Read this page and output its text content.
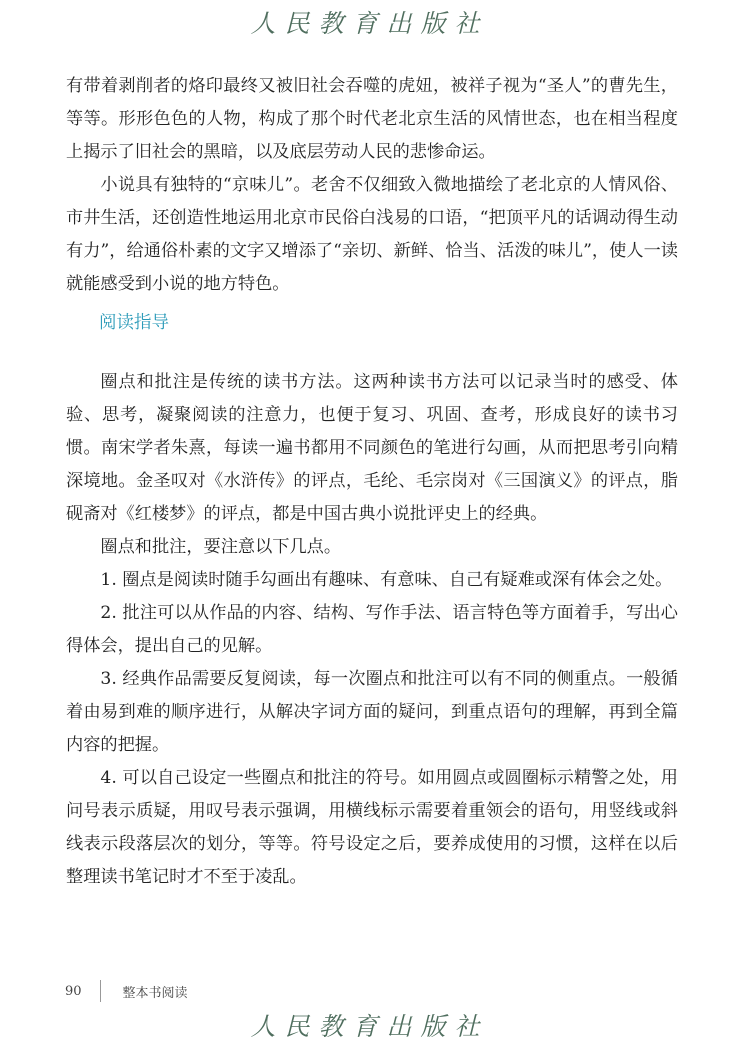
人民教育出版社

有带着剥削者的烙印最终又被旧社会吞噬的虎妞，被祥子视为“圣人”的曹先生，等等。形形色色的人物，构成了那个时代老北京生活的风情世态，也在相当程度上揭示了旧社会的黑暗，以及底层劳动人民的悲惨命运。

小说具有独特的“京味儿”。老舍不仅细致入微地描绘了老北京的人情风俗、市井生活，还创造性地运用北京市民俗白浅易的口语，“把顶平凡的话调动得生动有力”，给通俗朴素的文字又增添了“亲切、新鲜、恰当、活泼的味儿”，使人一读就能感受到小说的地方特色。

阅读指导

圈点和批注是传统的读书方法。这两种读书方法可以记录当时的感受、体验、思考，凝聚阅读的注意力，也便于复习、巩固、查考，形成良好的读书习惯。南宋学者朱熹，每读一遍书都用不同颜色的笔进行勾画，从而把思考引向精深境地。金圣叹对《水浒传》的评点，毛纶、毛宗岗对《三国演义》的评点，脂砚斋对《红楼梦》的评点，都是中国古典小说批评史上的经典。

圈点和批注，要注意以下几点。

1. 圈点是阅读时随手勾画出有趣味、有意味、自己有疑难或深有体会之处。

2. 批注可以从作品的内容、结构、写作手法、语言特色等方面着手，写出心得体会，提出自己的见解。

3. 经典作品需要反复阅读，每一次圈点和批注可以有不同的侧重点。一般循着由易到难的顺序进行，从解决字词方面的疑问，到重点语句的理解，再到全篇内容的把握。

4. 可以自己设定一些圈点和批注的符号。如用圆点或圆圈标示精警之处，用问号表示质疑，用叹号表示强调，用横线标示需要着重领会的语句，用竖线或斜线表示段落层次的划分，等等。符号设定之后，要养成使用的习惯，这样在以后整理读书笔记时才不至于凌乱。

90	整本书阅读
人民教育出版社
